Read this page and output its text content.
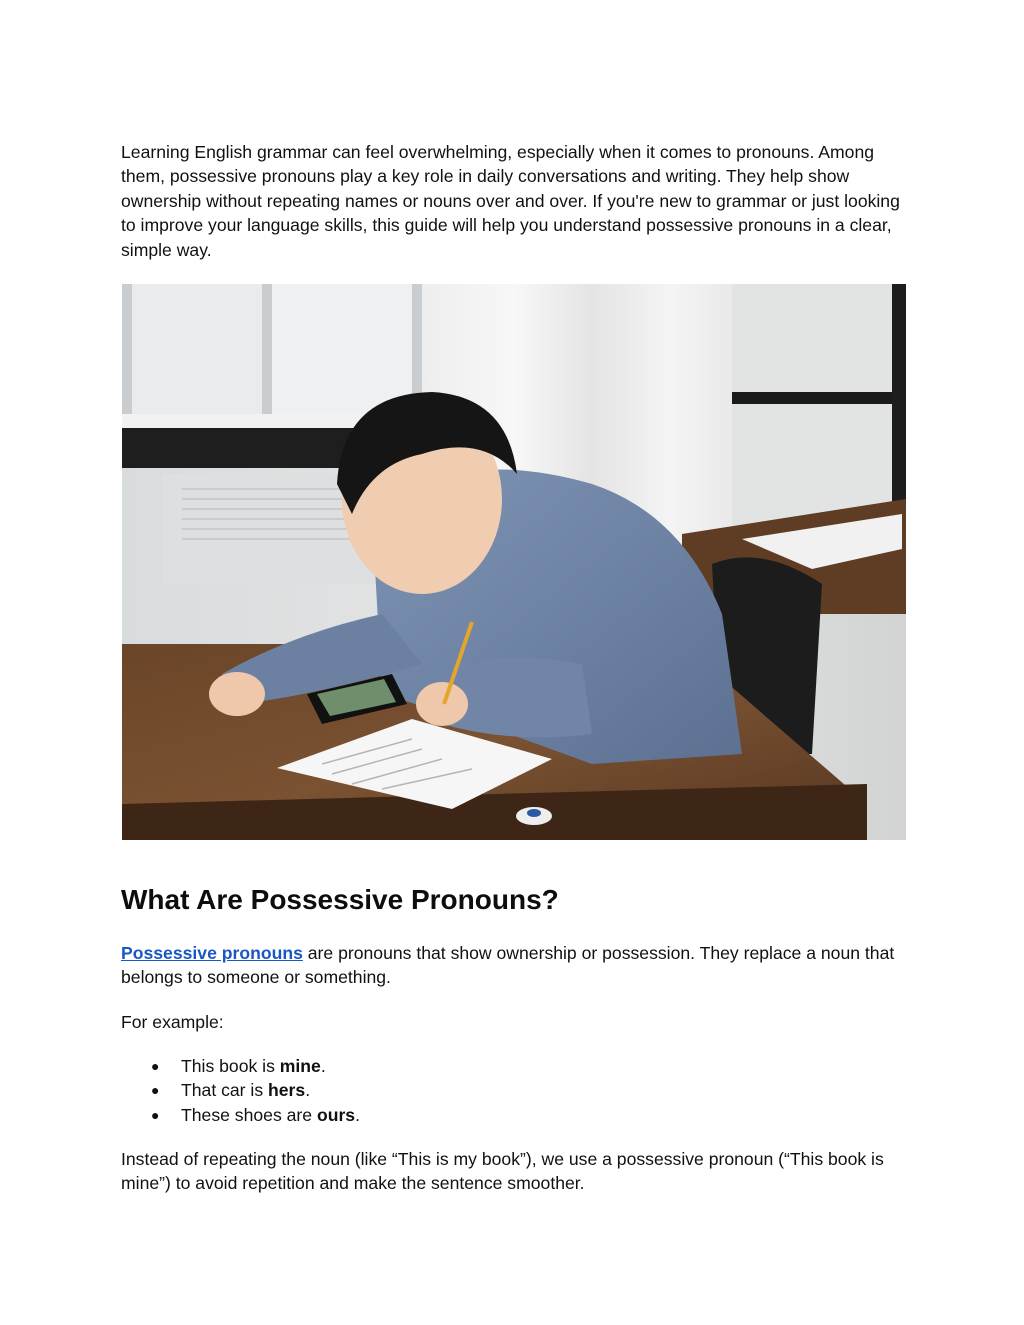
Learning English grammar can feel overwhelming, especially when it comes to pronouns. Among them, possessive pronouns play a key role in daily conversations and writing. They help show ownership without repeating names or nouns over and over. If you're new to grammar or just looking to improve your language skills, this guide will help you understand possessive pronouns in a clear, simple way.

What Are Possessive Pronouns?

Possessive pronouns are pronouns that show ownership or possession. They replace a noun that belongs to someone or something.

For example:

● This book is mine.
● That car is hers.
● These shoes are ours.

Instead of repeating the noun (like “This is my book”), we use a possessive pronoun (“This book is mine”) to avoid repetition and make the sentence smoother.
